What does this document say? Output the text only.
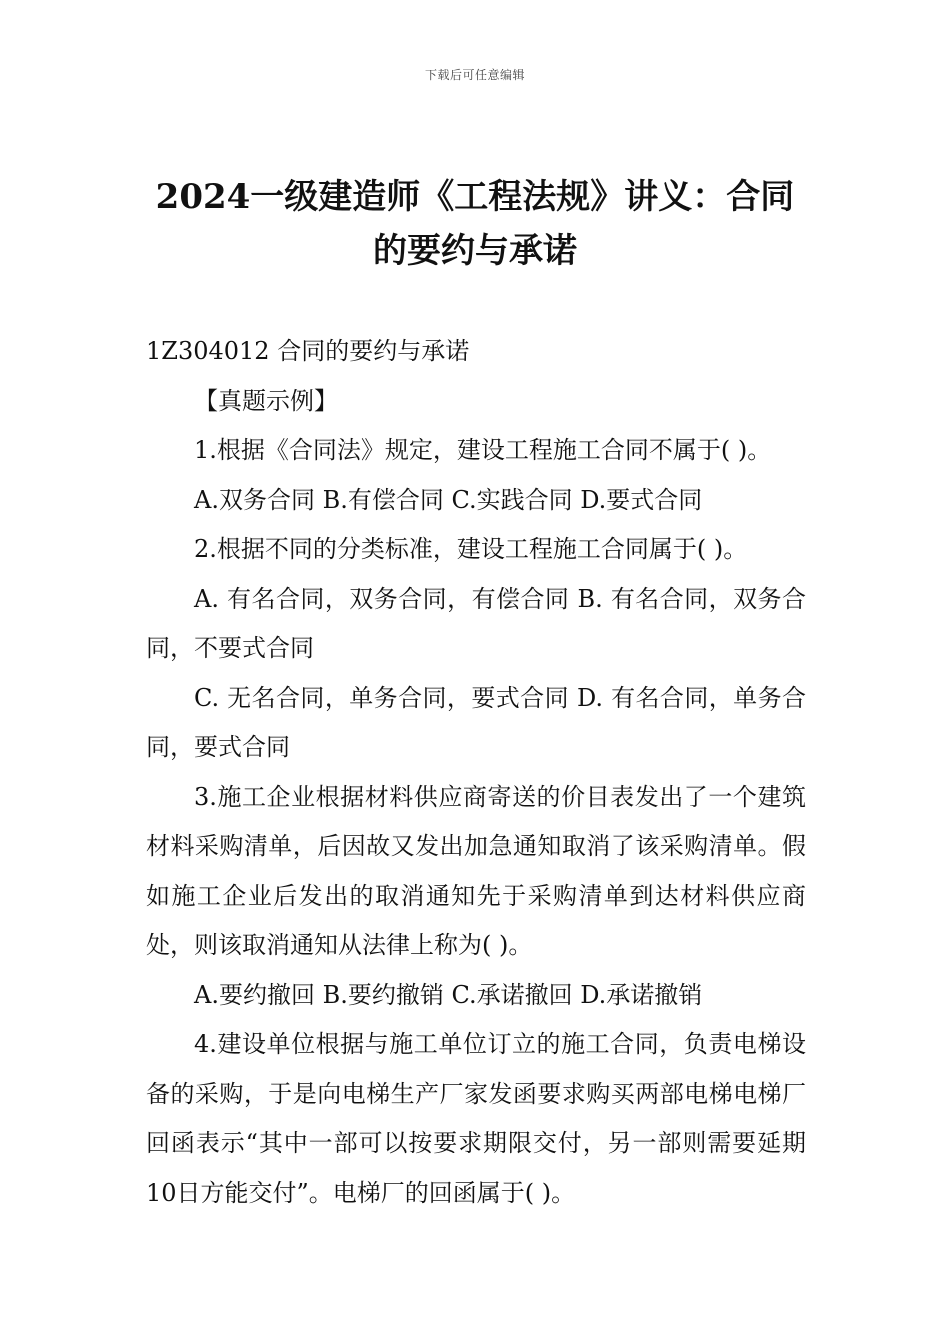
下载后可任意编辑
2024一级建造师《工程法规》讲义：合同
的要约与承诺

1Z304012 合同的要约与承诺

【真题示例】

1.根据《合同法》规定，建设工程施工合同不属于( )。

A.双务合同 B.有偿合同 C.实践合同 D.要式合同

2.根据不同的分类标准，建设工程施工合同属于( )。

A. 有名合同，双务合同，有偿合同 B. 有名合同，双务合同，不要式合同

C. 无名合同，单务合同，要式合同 D. 有名合同，单务合同，要式合同

3.施工企业根据材料供应商寄送的价目表发出了一个建筑材料采购清单，后因故又发出加急通知取消了该采购清单。假如施工企业后发出的取消通知先于采购清单到达材料供应商处，则该取消通知从法律上称为( )。

A.要约撤回 B.要约撤销 C.承诺撤回 D.承诺撤销

4.建设单位根据与施工单位订立的施工合同，负责电梯设备的采购，于是向电梯生产厂家发函要求购买两部电梯电梯厂回函表示“其中一部可以按要求期限交付，另一部则需要延期10日方能交付”。电梯厂的回函属于( )。
